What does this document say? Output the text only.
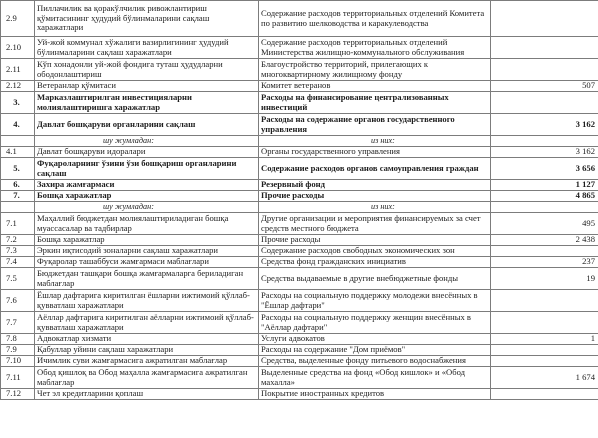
2.9	Пиллачилик ва қоракўлчилик ривожлантириш қўмитасининг ҳудудий бўлинмаларини сақлаш харажатлари	Содержание расходов территориальных отделений Комитета по развитию шелководства и каракулеводства		
2.10	Уй-жой коммунал хўжалиги вазирлигининг ҳудудий бўлинмаларини сақлаш харажатлари	Содержание расходов территориальных отделений Министерства жилищно-коммунального обслуживания		
2.11	Кўп хонадонли уй-жой фондига туташ ҳудудларни ободонлаштириш	Благоустройство территорий, прилегающих к многоквартирному жилищному фонду		
2.12	Ветеранлар қўмитаси	Комитет ветеранов	507	
3.	Марказлаштирилган инвестицияларни молиялаштиришга харажатлар	Расходы на финансирование централизованных инвестиций		
4.	Давлат бошқаруви органларини сақлаш	Расходы на содержание органов государственного управления	3 162	
	шу жумладан:	из них:		
4.1	Давлат бошқаруви идоралари	Органы государственного управления	3 162	
5.	Фуқароларнинг ўзини ўзи бошқариш органларини сақлаш	Содержание расходов органов самоуправления граждан	3 656	
6.	Захира жамғармаси	Резервный фонд	1 127	
7.	Бошқа харажатлар	Прочие расходы	4 865	
	шу жумладан:	из них:		
7.1	Маҳаллий бюджетдан молиялаштириладиган бошқа муассасалар ва тадбирлар	Другие организации и мероприятия финансируемых за счет средств местного бюджета	495	
7.2	Бошқа харажатлар	Прочие расходы	2 438	
7.3	Эркин иқтисодий зоналарни сақлаш харажатлари	Содержание расходов свободных экономических зон		
7.4	Фуқаролар ташаббуси жамғармаси маблағлари	Средства фонд гражданских инициатив	237	
7.5	Бюджетдан ташқари бошқа жамғармаларга бериладиган маблағлар	Средства выдаваемые в другие внебюджетные фонды	19	
7.6	Ёшлар дафтарига киритилган ёшларни ижтимоий қўллаб-қувватлаш харажатлари	Расходы на социальную поддержку молодежи внесённых в "Ёшлар дафтари"		
7.7	Аёллар дафтарига киритилган аёлларни ижтимоий қўллаб-қувватлаш харажатлари	Расходы на социальную поддержку женщин внесённых в "Аёллар дафтари"		
7.8	Адвокатлар хизмати	Услуги адвокатов	1	
7.9	Қабуллар уйини сақлаш харажатлари	Расходы на содержание "Дом приёмов"		
7.10	Ичимлик суви жамғармасига ажратилган маблағлар	Средства, выделенные фонду питьевого водоснабжения		
7.11	Обод қишлоқ ва Обод маҳалла жамғармасига ажратилган маблағлар	Выделенные средства на фонд «Обод кишлок» и «Обод махалла»	1 674	
7.12	Чет эл кредитларини қоплаш	Покрытие иностранных кредитов		
